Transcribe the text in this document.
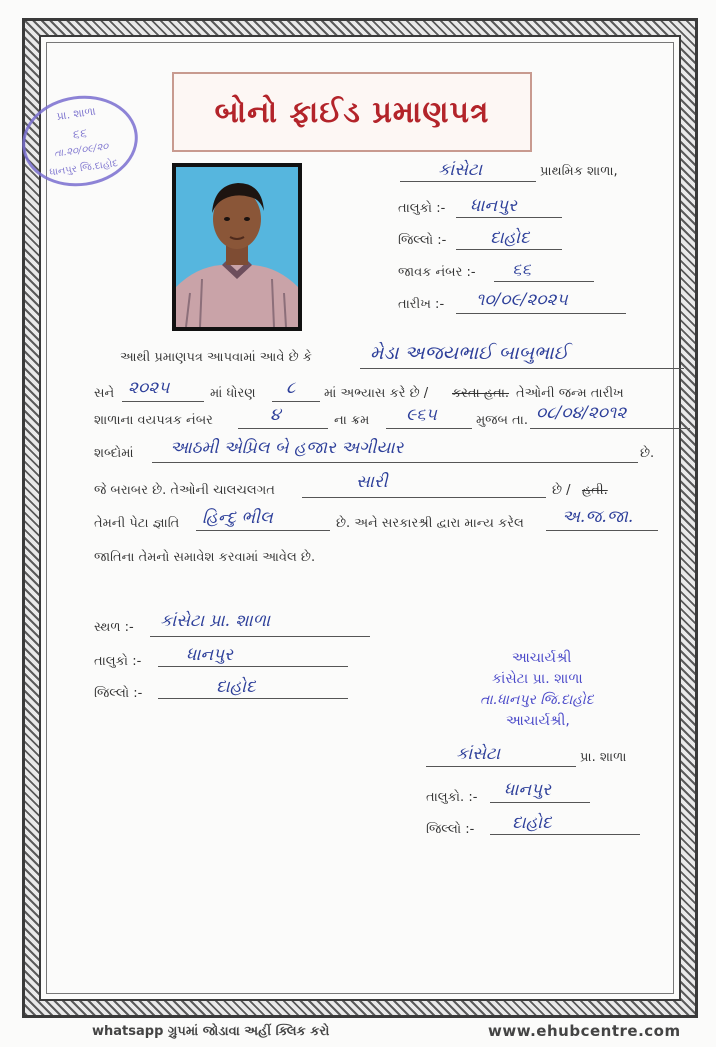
પ્રા. શાળા
૬૬
તા.૨૦/૦૯/૨૦
ધાનપુર જિ.દાહોદ
બોનો ફાઈડ પ્રમાણપત્ર
કાંસેટા	પ્રાથમિક શાળા,
તાલુકો :- ધાનપુર
જિલ્લો :-	દાહોદ
જાવક નંબર :- ૬૬
તારીખ :- ૧૦/૦૯/૨૦૨૫
આથી પ્રમાણપત્ર આપવામાં આવે છે કે	મેડા અજયભાઈ બાબુભાઈ
સને ૨૦૨૫	માં ધોરણ ૮ માં અભ્યાસ કરે છે / કરતા હતા. તેઓની જન્મ તારીખ
શાળાના વયપત્રક નંબર	૪	ના ક્રમ ૯૬૫	મુજબ તા. ૦૮/૦૪/૨૦૧૨
શબ્દોમાં આઠમી એપ્રિલ બે હજાર અગીયાર	છે.
જે બરાબર છે. તેઓની ચાલચલગત	સારી	છે / હતી.
તેમની પેટા જ્ઞાતિ હિન્દુ ભીલ	છે. અને સરકારશ્રી દ્વારા માન્ય કરેલ અ.જ.જા.
જાતિના તેમનો સમાવેશ કરવામાં આવેલ છે.
સ્થળ :- કાંસેટા પ્રા. શાળા
તાલુકો :-	ધાનપુર
જિલ્લો :-	દાહોદ
આચાર્યશ્રી
કાંસેટા પ્રા. શાળા
તા.ધાનપુર જિ.દાહોદ
આચાર્યશ્રી,
કાંસેટા	પ્રા. શાળા
તાલુકો. :- ધાનપુર
જિલ્લો :- દાહોદ
whatsapp ગ્રુપમાં જોડાવા અહીં ક્લિક કરો	www.ehubcentre.com
